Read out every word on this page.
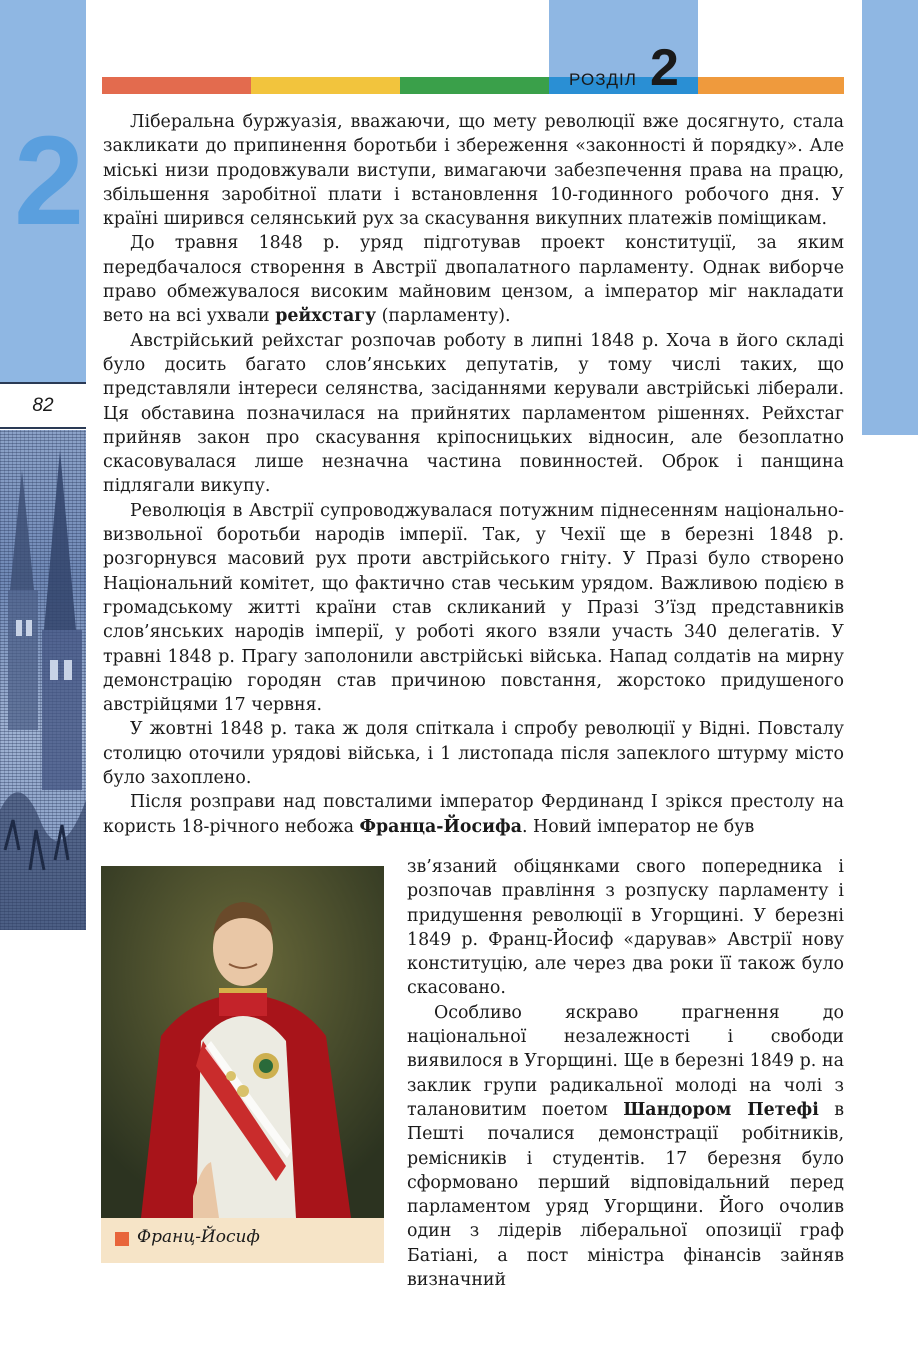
2
82
РОЗДІЛ 2

Ліберальна буржуазія, вважаючи, що мету революції вже досягнуто, стала закликати до припинення боротьби і збереження «законності й порядку». Але міські низи продовжували виступи, вимагаючи забезпечення права на працю, збільшення заробітної плати і встановлення 10-годинного робочого дня. У країні ширився селянський рух за скасування викупних платежів поміщикам.

До травня 1848 р. уряд підготував проект конституції, за яким передбачалося створення в Австрії двопалатного парламенту. Однак виборче право обмежувалося високим майновим цензом, а імператор міг накладати вето на всі ухвали рейхстагу (парламенту).

Австрійський рейхстаг розпочав роботу в липні 1848 р. Хоча в його складі було досить багато слов’янських депутатів, у тому числі таких, що представляли інтереси селянства, засіданнями керували австрійські ліберали. Ця обставина позначилася на прийнятих парламентом рішеннях. Рейхстаг прийняв закон про скасування кріпосницьких відносин, але безоплатно скасовувалася лише незначна частина повинностей. Оброк і панщина підлягали викупу.

Революція в Австрії супроводжувалася потужним піднесенням національно-визвольної боротьби народів імперії. Так, у Чехії ще в березні 1848 р. розгорнувся масовий рух проти австрійського гніту. У Празі було створено Національний комітет, що фактично став чеським урядом. Важливою подією в громадському житті країни став скликаний у Празі З’їзд представників слов’янських народів імперії, у роботі якого взяли участь 340 делегатів. У травні 1848 р. Прагу заполонили австрійські війська. Напад солдатів на мирну демонстрацію городян став причиною повстання, жорстоко придушеного австрійцями 17 червня.

У жовтні 1848 р. така ж доля спіткала і спробу революції у Відні. Повсталу столицю оточили урядові війська, і 1 листопада після запеклого штурму місто було захоплено.

Після розправи над повсталими імператор Фердинанд І зрікся престолу на користь 18-річного небожа Франца-Йосифа. Новий імператор не був

зв’язаний обіцянками свого попередника і розпочав правління з розпуску парламенту і придушення революції в Угорщині. У березні 1849 р. Франц-Йосиф «дарував» Австрії нову конституцію, але через два роки її також було скасовано.

Особливо яскраво прагнення до національної незалежності і свободи виявилося в Угорщині. Ще в березні 1849 р. на заклик групи радикальної молоді на чолі з талановитим поетом Шандором Петефі в Пешті почалися демонстрації робітників, ремісників і студентів. 17 березня було сформовано перший відповідальний перед парламентом уряд Угорщини. Його очолив один з лідерів ліберальної опозиції граф Батіані, а пост міністра фінансів зайняв визначний

Франц-Йосиф
